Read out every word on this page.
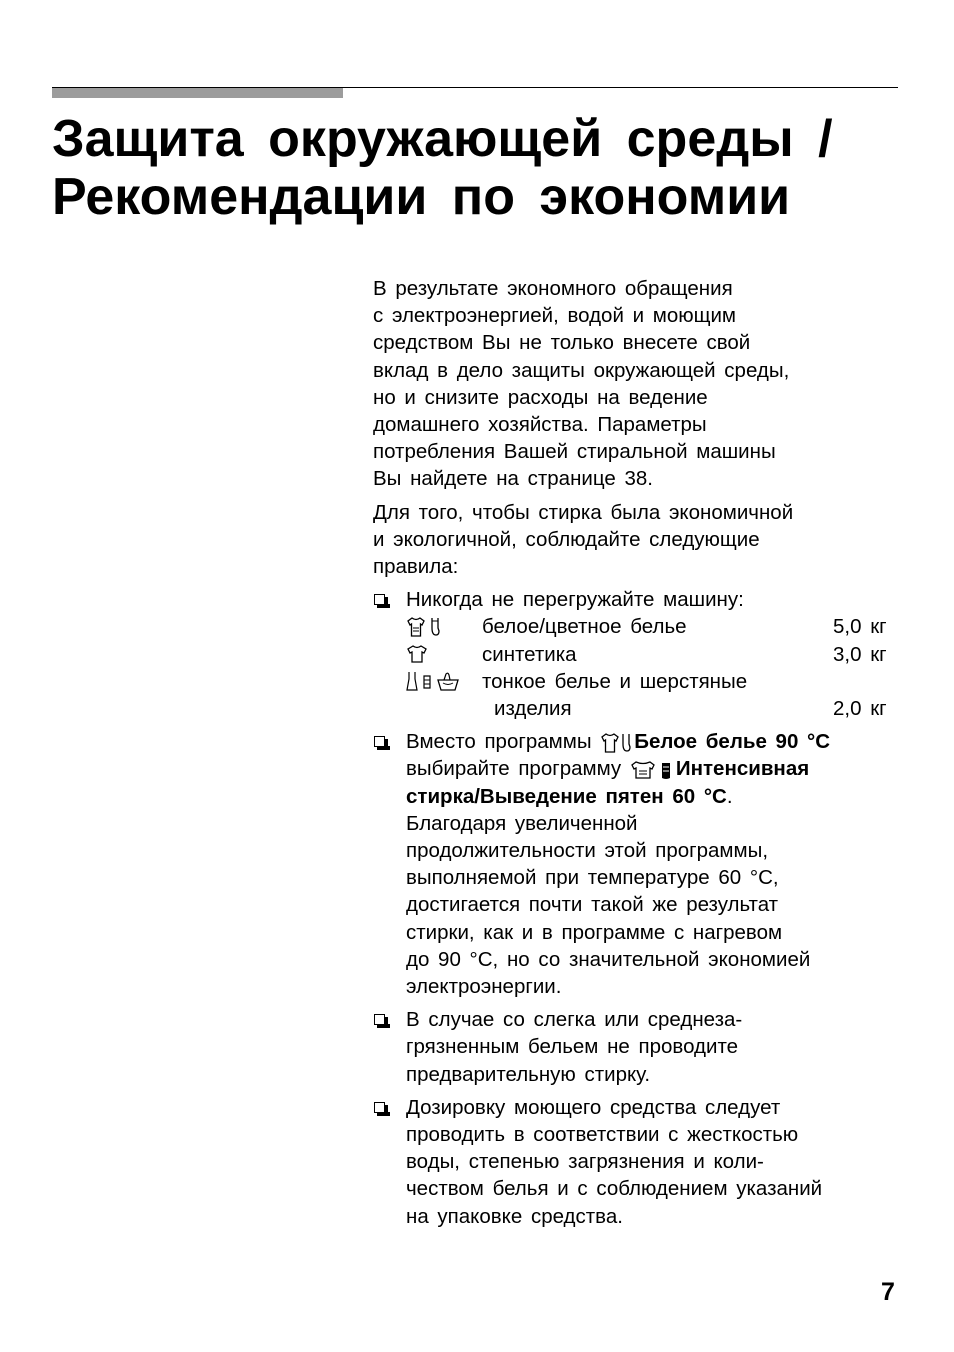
Защита окружающей среды /
Рекомендации по экономии

В результате экономного обращения
с электроэнергией, водой и моющим
средством Вы не только внесете свой
вклад в дело защиты окружающей среды,
но и снизите расходы на ведение
домашнего хозяйства. Параметры
потребления Вашей стиральной машины
Вы найдете на странице 38.

Для того, чтобы стирка была экономичной
и экологичной, соблюдайте следующие
правила:

Никогда не перегружайте машину:
белое/цветное белье	5,0 кг
синтетика	3,0 кг
тонкое белье и шерстяные
изделия	2,0 кг
Вместо программы Белое белье 90 °С
выбирайте программу	Интенсивная
стирка/Выведение пятен 60 °С.
Благодаря увеличенной
продолжительности этой программы,
выполняемой при температуре 60 °С,
достигается почти такой же результат
стирки, как и в программе с нагревом
до 90 °С, но со значительной экономией
электроэнергии.
В случае со слегка или среднеза-
грязненным бельем не проводите
предварительную стирку.
Дозировку моющего средства следует
проводить в соответствии с жесткостью
воды, степенью загрязнения и коли-
чеством белья и с соблюдением указаний
на упаковке средства.
7
